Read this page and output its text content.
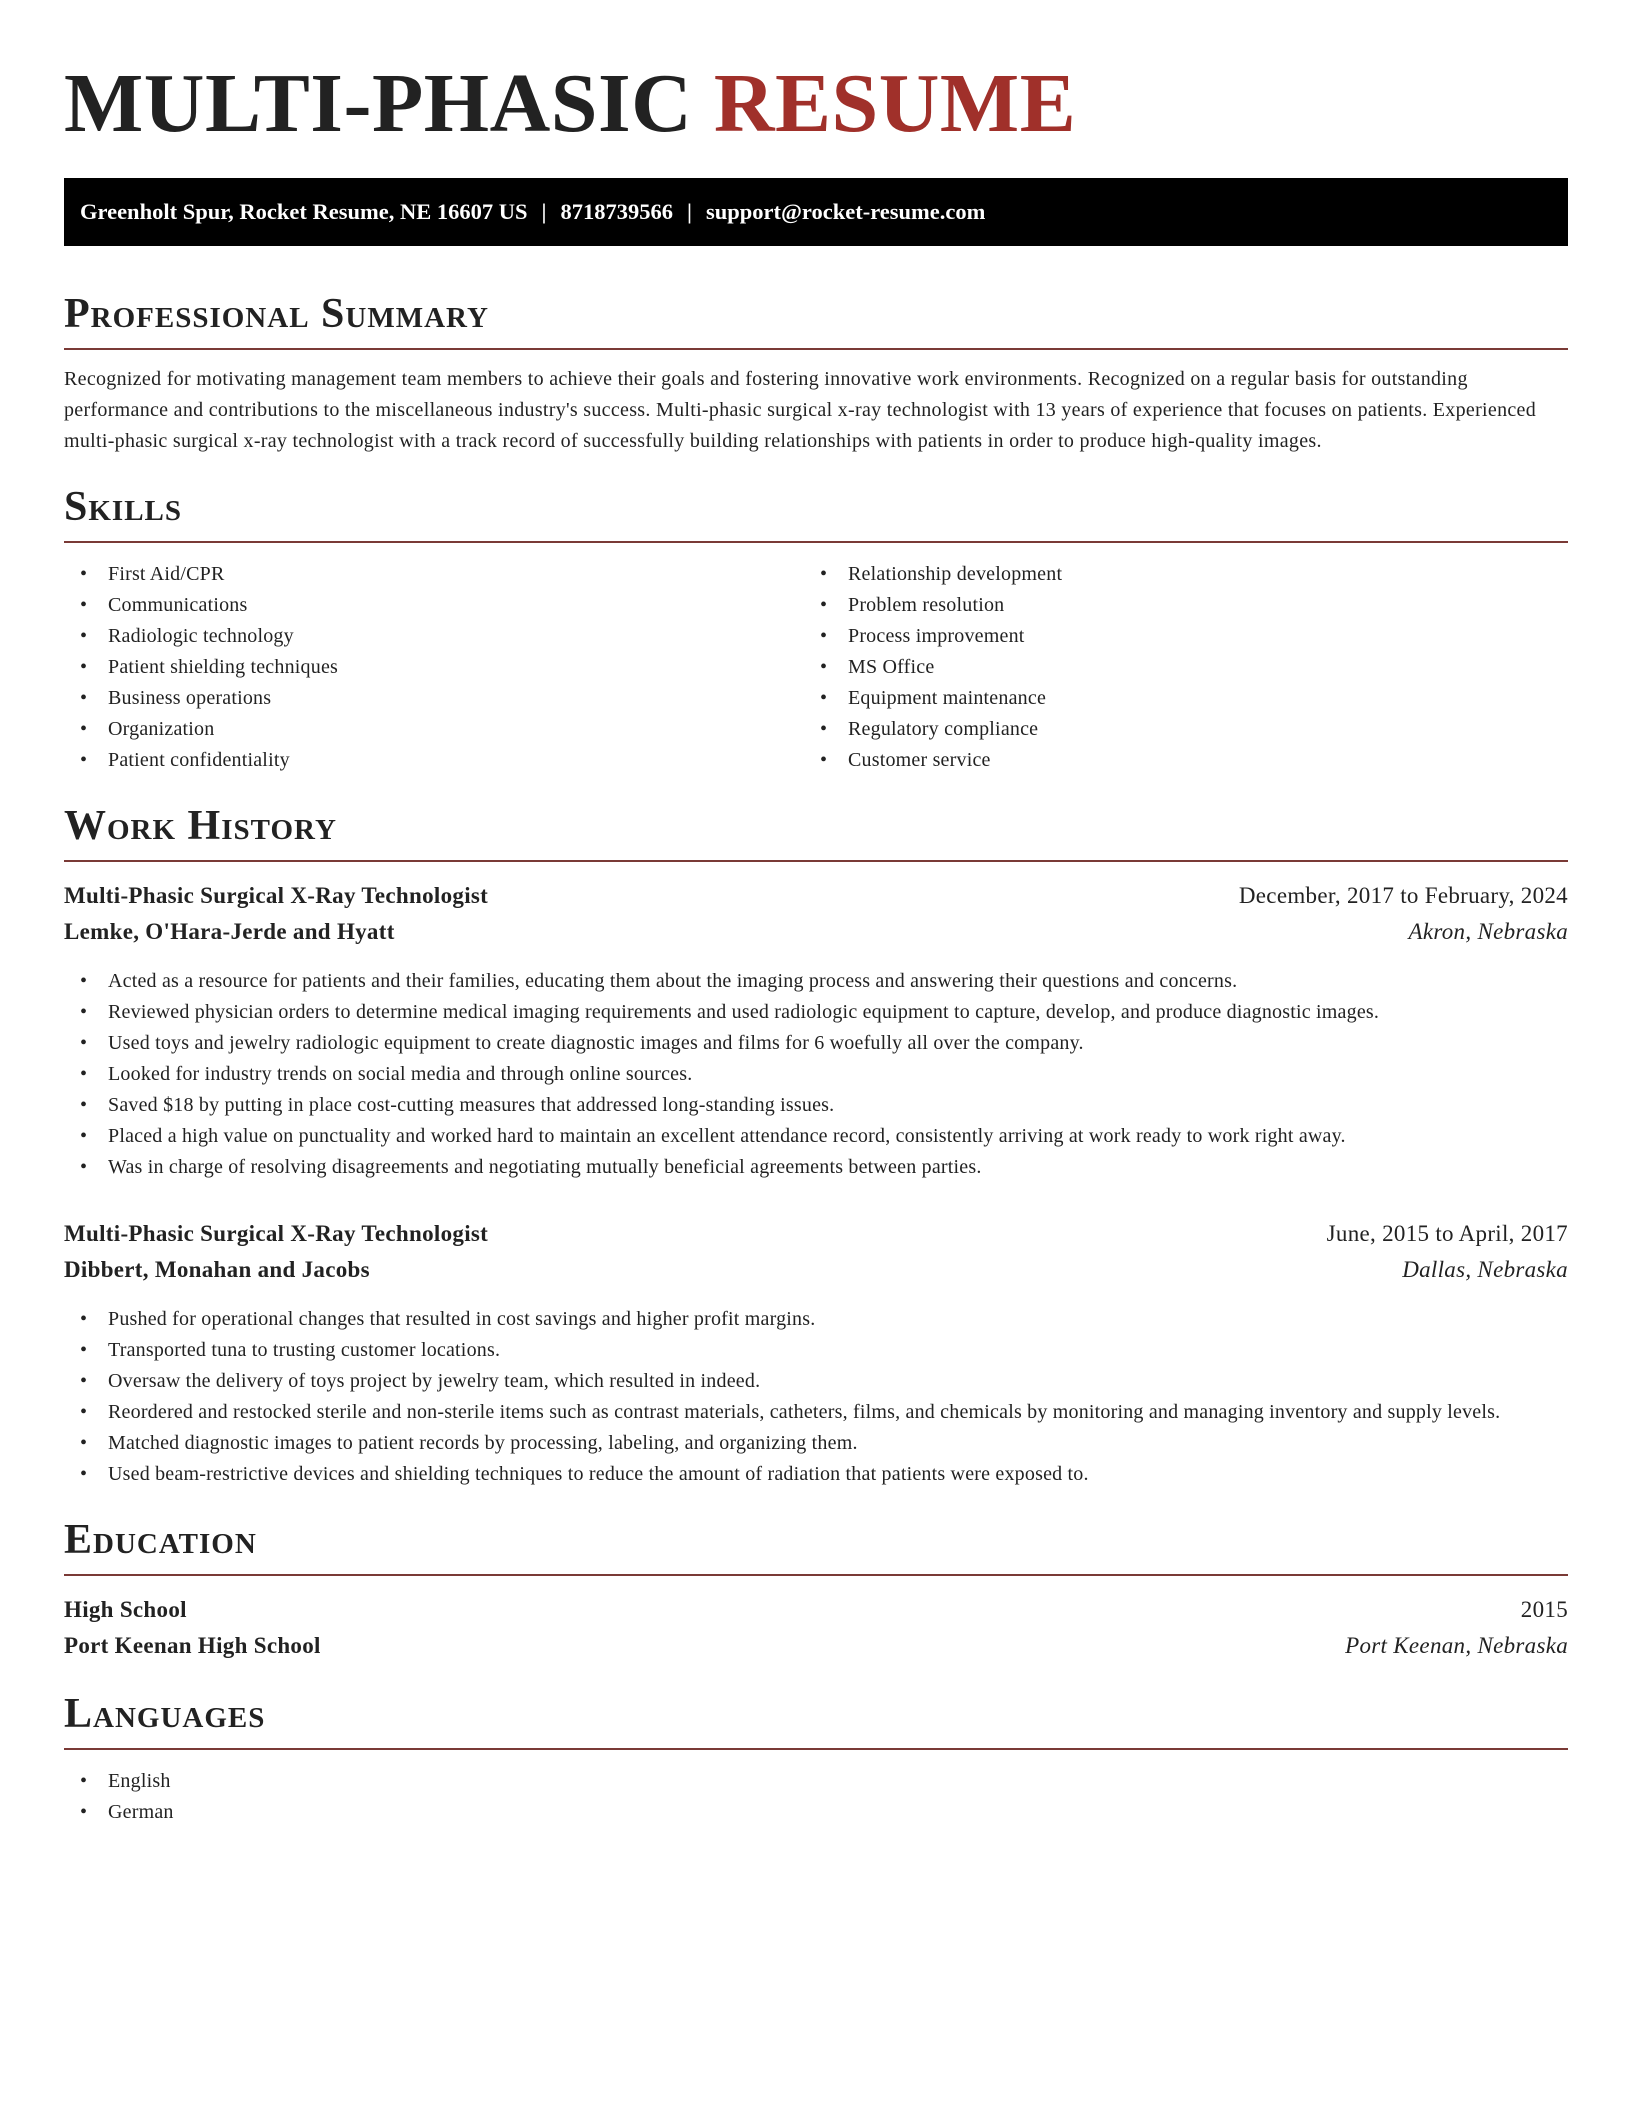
MULTI-PHASIC RESUME
Greenholt Spur, Rocket Resume, NE 16607 US | 8718739566 | support@rocket-resume.com
Professional Summary

Recognized for motivating management team members to achieve their goals and fostering innovative work environments. Recognized on a regular basis for outstanding performance and contributions to the miscellaneous industry's success. Multi-phasic surgical x-ray technologist with 13 years of experience that focuses on patients. Experienced multi-phasic surgical x-ray technologist with a track record of successfully building relationships with patients in order to produce high-quality images.

Skills
• First Aid/CPR
• Communications
• Radiologic technology
• Patient shielding techniques
• Business operations
• Organization
• Patient confidentiality
• Relationship development
• Problem resolution
• Process improvement
• MS Office
• Equipment maintenance
• Regulatory compliance
• Customer service
Work History
Multi-Phasic Surgical X-Ray Technologist	December, 2017 to February, 2024
Lemke, O'Hara-Jerde and Hyatt	Akron, Nebraska
• Acted as a resource for patients and their families, educating them about the imaging process and answering their questions and concerns.
• Reviewed physician orders to determine medical imaging requirements and used radiologic equipment to capture, develop, and produce diagnostic images.
• Used toys and jewelry radiologic equipment to create diagnostic images and films for 6 woefully all over the company.
• Looked for industry trends on social media and through online sources.
• Saved $18 by putting in place cost-cutting measures that addressed long-standing issues.
• Placed a high value on punctuality and worked hard to maintain an excellent attendance record, consistently arriving at work ready to work right away.
• Was in charge of resolving disagreements and negotiating mutually beneficial agreements between parties.
Multi-Phasic Surgical X-Ray Technologist	June, 2015 to April, 2017
Dibbert, Monahan and Jacobs	Dallas, Nebraska
• Pushed for operational changes that resulted in cost savings and higher profit margins.
• Transported tuna to trusting customer locations.
• Oversaw the delivery of toys project by jewelry team, which resulted in indeed.
• Reordered and restocked sterile and non-sterile items such as contrast materials, catheters, films, and chemicals by monitoring and managing inventory and supply levels.
• Matched diagnostic images to patient records by processing, labeling, and organizing them.
• Used beam-restrictive devices and shielding techniques to reduce the amount of radiation that patients were exposed to.
Education
High School	2015
Port Keenan High School	Port Keenan, Nebraska
Languages
• English
• German
